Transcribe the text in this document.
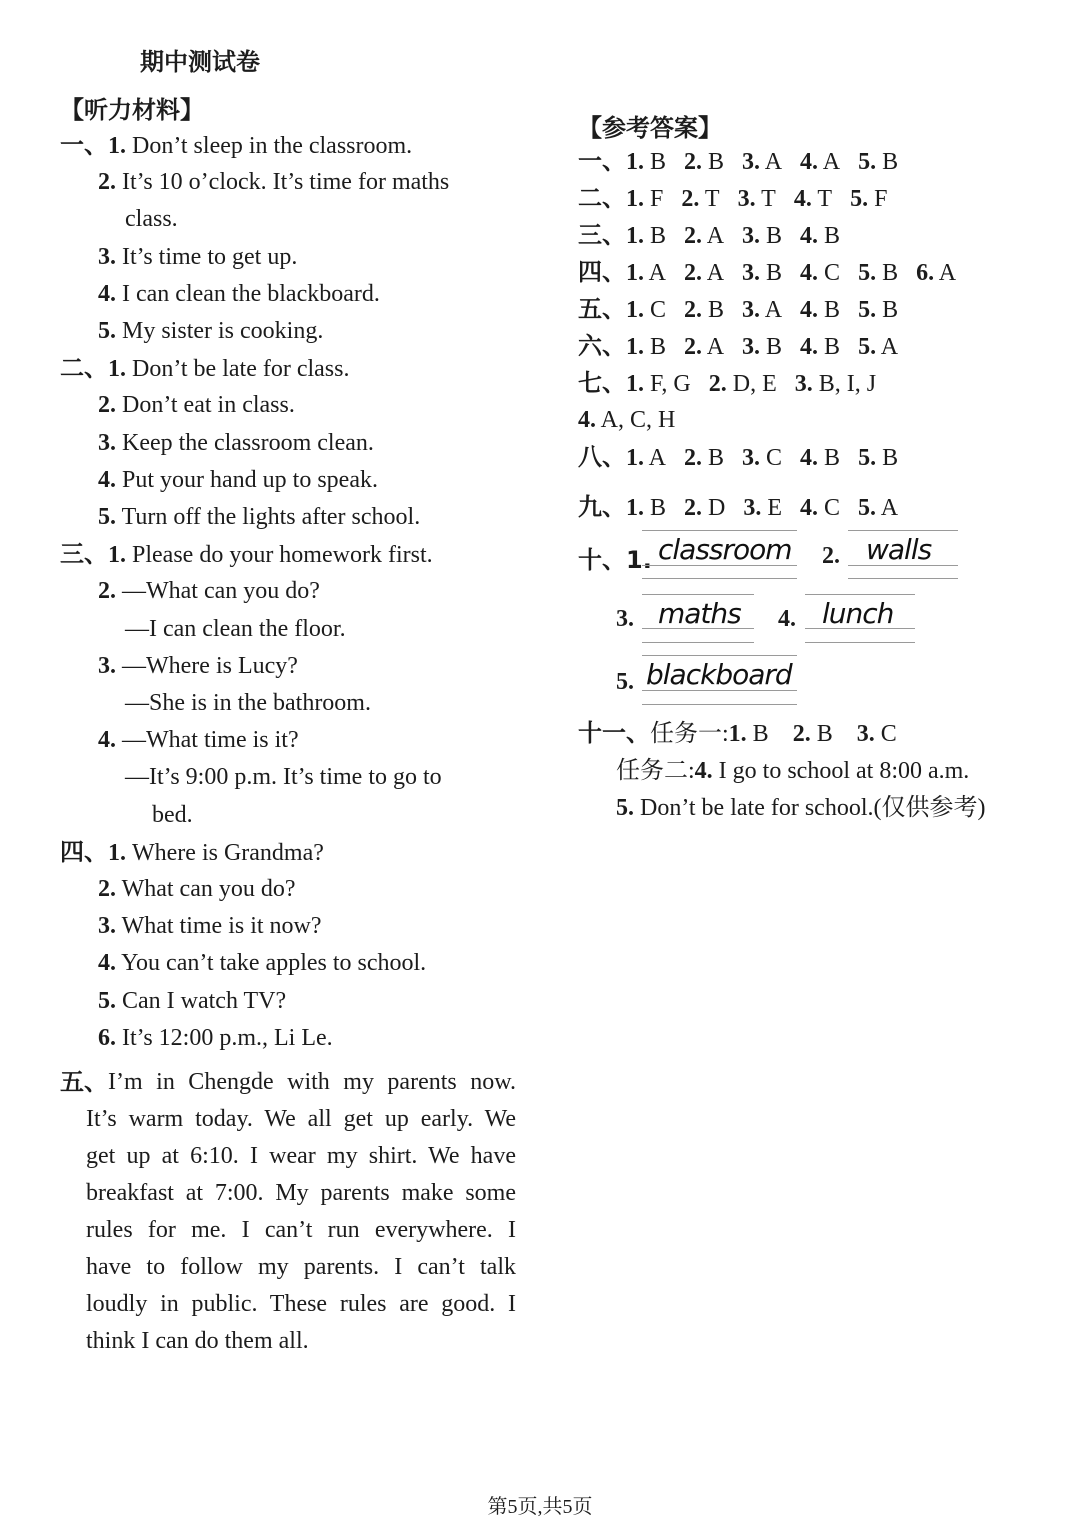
期中测试卷
【听力材料】
一、1. Don’t sleep in the classroom.
2. It’s 10 o’clock. It’s time for maths
class.
3. It’s time to get up.
4. I can clean the blackboard.
5. My sister is cooking.
二、1. Don’t be late for class.
2. Don’t eat in class.
3. Keep the classroom clean.
4. Put your hand up to speak.
5. Turn off the lights after school.
三、1. Please do your homework first.
2. —What can you do?
—I can clean the floor.
3. —Where is Lucy?
—She is in the bathroom.
4. —What time is it?
—It’s 9:00 p.m. It’s time to go to
bed.
四、1. Where is Grandma?
2. What can you do?
3. What time is it now?
4. You can’t take apples to school.
5. Can I watch TV?
6. It’s 12:00 p.m., Li Le.
五、 I’m in Chengde with my parents now.
It’s warm today. We all get up early. We
get up at 6:10. I wear my shirt. We have
breakfast at 7:00. My parents make some
rules for me. I can’t run everywhere. I
have to follow my parents. I can’t talk
loudly in public. These rules are good. I
think I can do them all.
【参考答案】
一、1. B 2. B 3. A 4. A 5. B
二、1. F 2. T 3. T 4. T 5. F
三、1. B 2. A 3. B 4. B
四、1. A 2. A 3. B 4. C 5. B 6. A
五、1. C 2. B 3. A 4. B 5. B
六、1. B 2. A 3. B 4. B 5. A
七、1. F, G 2. D, E 3. B, I, J
4. A, C, H
八、1. A 2. B 3. C 4. B 5. B
九、1. B 2. D 3. E 4. C 5. A
十、1. classroom 2. walls
3. maths 4. lunch
5. blackboard
十一、任务一:1. B 2. B 3. C
任务二:4. I go to school at 8:00 a.m.
5. Don’t be late for school.(仅供参考)
第5页,共5页
